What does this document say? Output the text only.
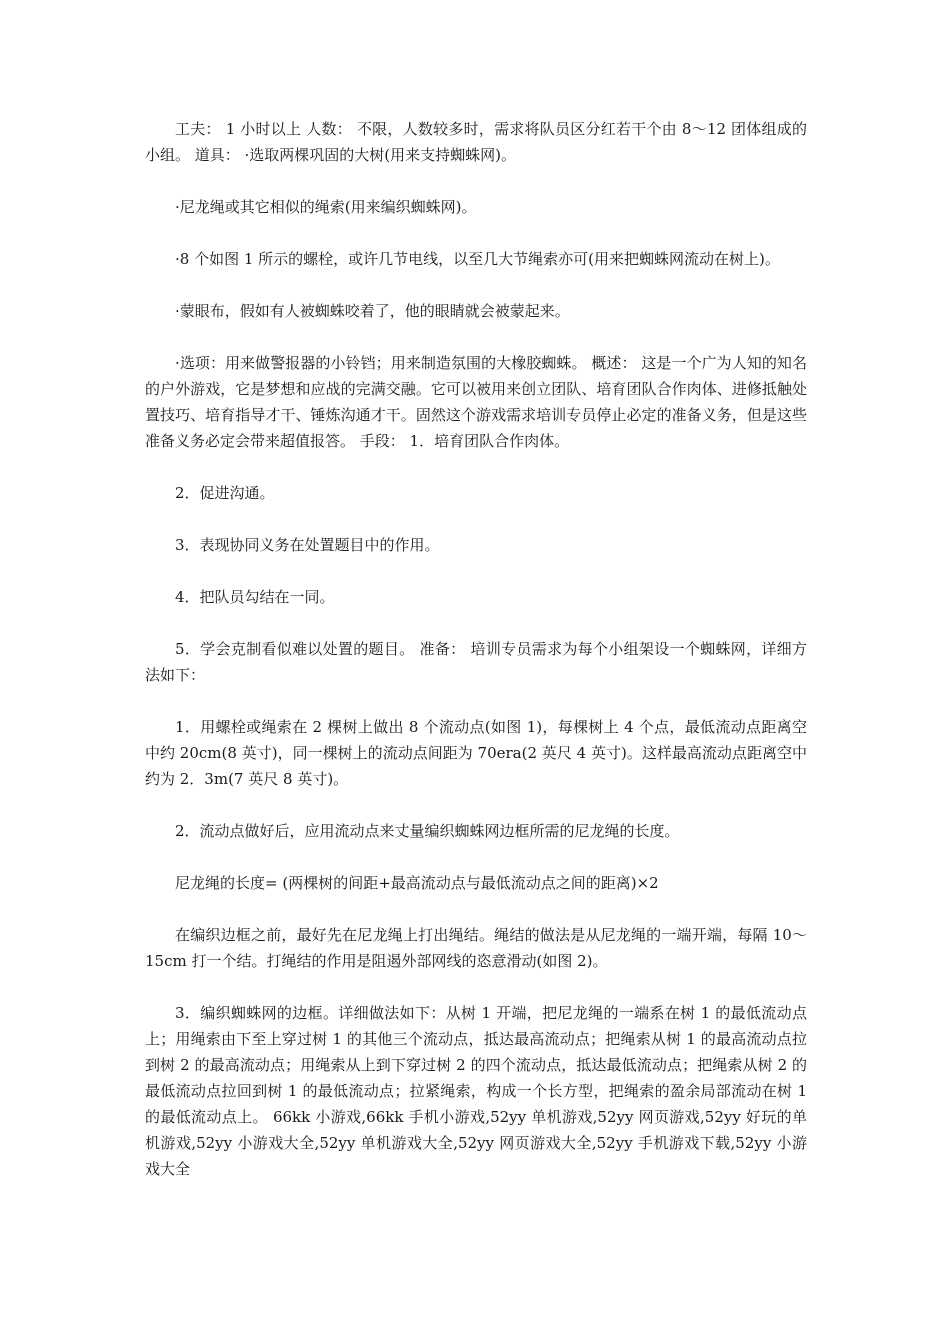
工夫： 1 小时以上 人数： 不限，人数较多时，需求将队员区分红若干个由 8～12 团体组成的小组。 道具： ·选取两棵巩固的大树(用来支持蜘蛛网)。

·尼龙绳或其它相似的绳索(用来编织蜘蛛网)。

·8 个如图 1 所示的螺栓，或许几节电线，以至几大节绳索亦可(用来把蜘蛛网流动在树上)。

·蒙眼布，假如有人被蜘蛛咬着了，他的眼睛就会被蒙起来。

·选项：用来做警报器的小铃铛；用来制造氛围的大橡胶蜘蛛。 概述： 这是一个广为人知的知名的户外游戏，它是梦想和应战的完满交融。它可以被用来创立团队、培育团队合作肉体、进修抵触处置技巧、培育指导才干、锤炼沟通才干。固然这个游戏需求培训专员停止必定的准备义务，但是这些准备义务必定会带来超值报答。 手段： 1．培育团队合作肉体。

2．促进沟通。

3．表现协同义务在处置题目中的作用。

4．把队员勾结在一同。

5．学会克制看似难以处置的题目。 准备： 培训专员需求为每个小组架设一个蜘蛛网，详细方法如下：

1．用螺栓或绳索在 2 棵树上做出 8 个流动点(如图 1)，每棵树上 4 个点，最低流动点距离空中约 20cm(8 英寸)，同一棵树上的流动点间距为 70era(2 英尺 4 英寸)。这样最高流动点距离空中约为 2．3m(7 英尺 8 英寸)。

2．流动点做好后，应用流动点来丈量编织蜘蛛网边框所需的尼龙绳的长度。

尼龙绳的长度= (两棵树的间距+最高流动点与最低流动点之间的距离)×2

在编织边框之前，最好先在尼龙绳上打出绳结。绳结的做法是从尼龙绳的一端开端，每隔 10～15cm 打一个结。打绳结的作用是阻遏外部网线的恣意滑动(如图 2)。

3．编织蜘蛛网的边框。详细做法如下：从树 1 开端，把尼龙绳的一端系在树 1 的最低流动点上；用绳索由下至上穿过树 1 的其他三个流动点，抵达最高流动点；把绳索从树 1 的最高流动点拉到树 2 的最高流动点；用绳索从上到下穿过树 2 的四个流动点，抵达最低流动点；把绳索从树 2 的最低流动点拉回到树 1 的最低流动点；拉紧绳索，构成一个长方型，把绳索的盈余局部流动在树 1 的最低流动点上。 66kk 小游戏,66kk 手机小游戏,52yy 单机游戏,52yy 网页游戏,52yy 好玩的单机游戏,52yy 小游戏大全,52yy 单机游戏大全,52yy 网页游戏大全,52yy 手机游戏下载,52yy 小游戏大全
